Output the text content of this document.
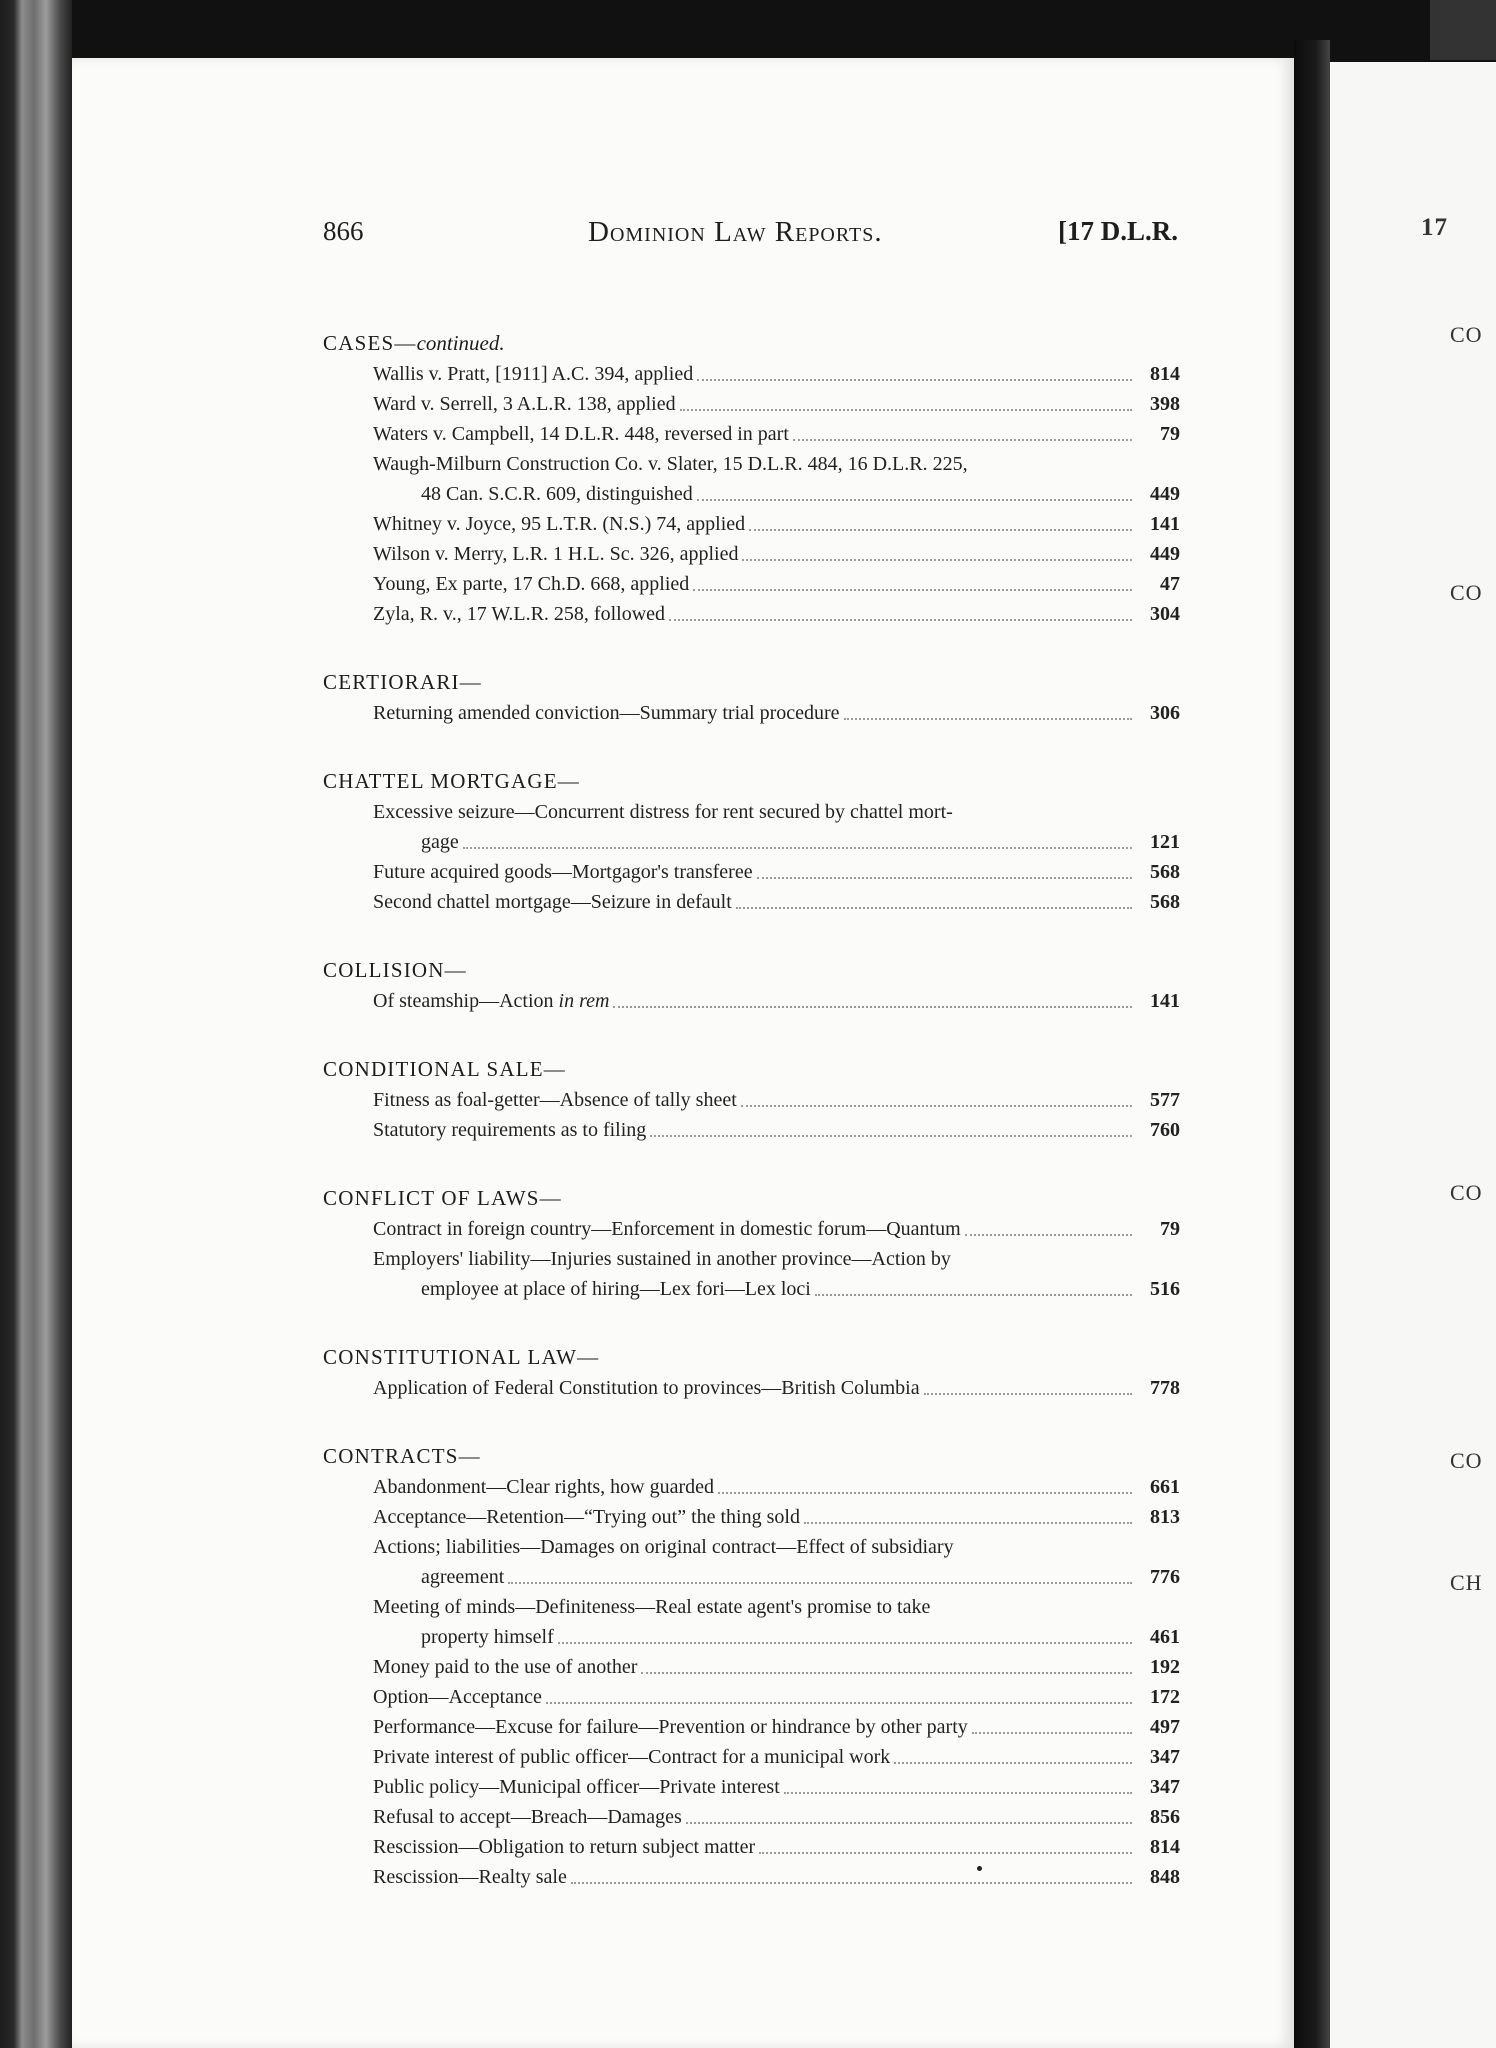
866	Dominion Law Reports.	[17 D.L.R.
CASES—continued.
Wallis v. Pratt, [1911] A.C. 394, applied	814
Ward v. Serrell, 3 A.L.R. 138, applied	398
Waters v. Campbell, 14 D.L.R. 448, reversed in part	79
Waugh-Milburn Construction Co. v. Slater, 15 D.L.R. 484, 16 D.L.R. 225,
48 Can. S.C.R. 609, distinguished	449
Whitney v. Joyce, 95 L.T.R. (N.S.) 74, applied	141
Wilson v. Merry, L.R. 1 H.L. Sc. 326, applied	449
Young, Ex parte, 17 Ch.D. 668, applied	47
Zyla, R. v., 17 W.L.R. 258, followed	304
CERTIORARI—
Returning amended conviction—Summary trial procedure	306
CHATTEL MORTGAGE—
Excessive seizure—Concurrent distress for rent secured by chattel mort-
gage	121
Future acquired goods—Mortgagor's transferee	568
Second chattel mortgage—Seizure in default	568
COLLISION—
Of steamship—Action in rem	141
CONDITIONAL SALE—
Fitness as foal-getter—Absence of tally sheet	577
Statutory requirements as to filing	760
CONFLICT OF LAWS—
Contract in foreign country—Enforcement in domestic forum—Quantum	79
Employers' liability—Injuries sustained in another province—Action by
employee at place of hiring—Lex fori—Lex loci	516
CONSTITUTIONAL LAW—
Application of Federal Constitution to provinces—British Columbia	778
CONTRACTS—
Abandonment—Clear rights, how guarded	661
Acceptance—Retention—“Trying out” the thing sold	813
Actions; liabilities—Damages on original contract—Effect of subsidiary
agreement	776
Meeting of minds—Definiteness—Real estate agent's promise to take
property himself	461
Money paid to the use of another	192
Option—Acceptance	172
Performance—Excuse for failure—Prevention or hindrance by other party	497
Private interest of public officer—Contract for a municipal work	347
Public policy—Municipal officer—Private interest	347
Refusal to accept—Breach—Damages	856
Rescission—Obligation to return subject matter	814
Rescission—Realty sale	848
17
CO
CO
CO
CO
CH
